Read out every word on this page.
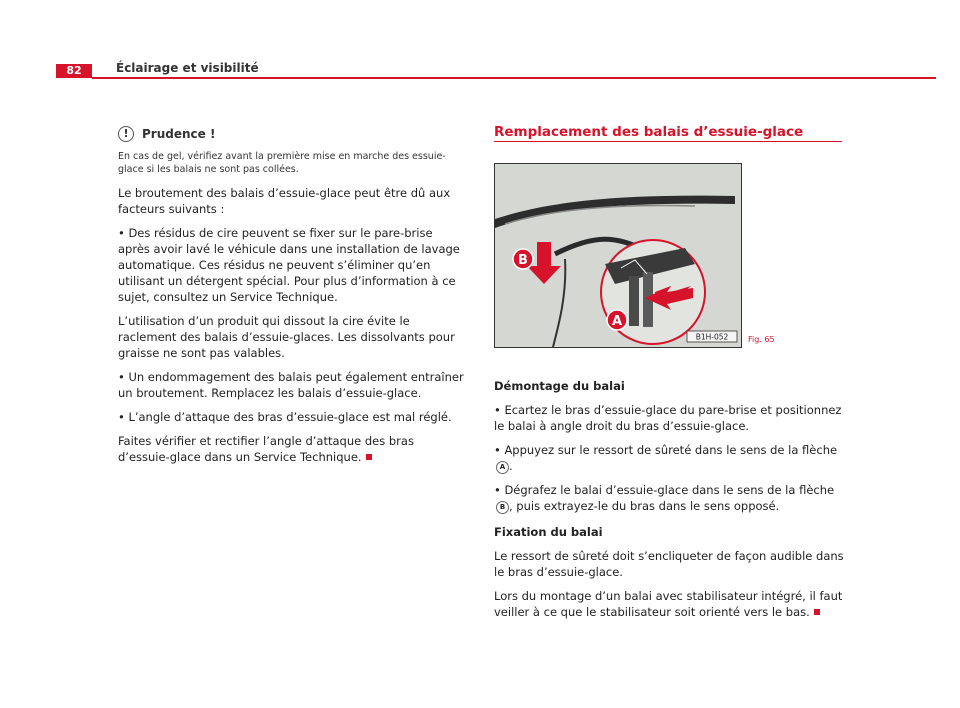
82	Éclairage et visibilité
!	Prudence !
En cas de gel, vérifiez avant la première mise en marche des essuie-glace si les balais ne sont pas collées.

Le broutement des balais d’essuie-glace peut être dû aux facteurs suivants :

• Des résidus de cire peuvent se fixer sur le pare-brise après avoir lavé le véhicule dans une installation de lavage automatique. Ces résidus ne peuvent s’éliminer qu’en utilisant un détergent spécial. Pour plus d’information à ce sujet, consultez un Service Technique.

L’utilisation d’un produit qui dissout la cire évite le raclement des balais d’essuie-glaces. Les dissolvants pour graisse ne sont pas valables.

• Un endommagement des balais peut également entraîner un broutement. Remplacez les balais d’essuie-glace.

• L’angle d’attaque des bras d’essuie-glace est mal réglé.

Faites vérifier et rectifier l’angle d’attaque des bras d’essuie-glace dans un Service Technique.

Remplacement des balais d’essuie-glace
B
A
B1H-052 Fig. 65

Démontage du balai

• Ecartez le bras d’essuie-glace du pare-brise et positionnez le balai à angle droit du bras d’essuie-glace.

• Appuyez sur le ressort de sûreté dans le sens de la flèche A .

• Dégrafez le balai d’essuie-glace dans le sens de la flèche B , puis extrayez-le du bras dans le sens opposé.

Fixation du balai

Le ressort de sûreté doit s’encliqueter de façon audible dans le bras d’essuie-glace.

Lors du montage d’un balai avec stabilisateur intégré, il faut veiller à ce que le stabilisateur soit orienté vers le bas.
